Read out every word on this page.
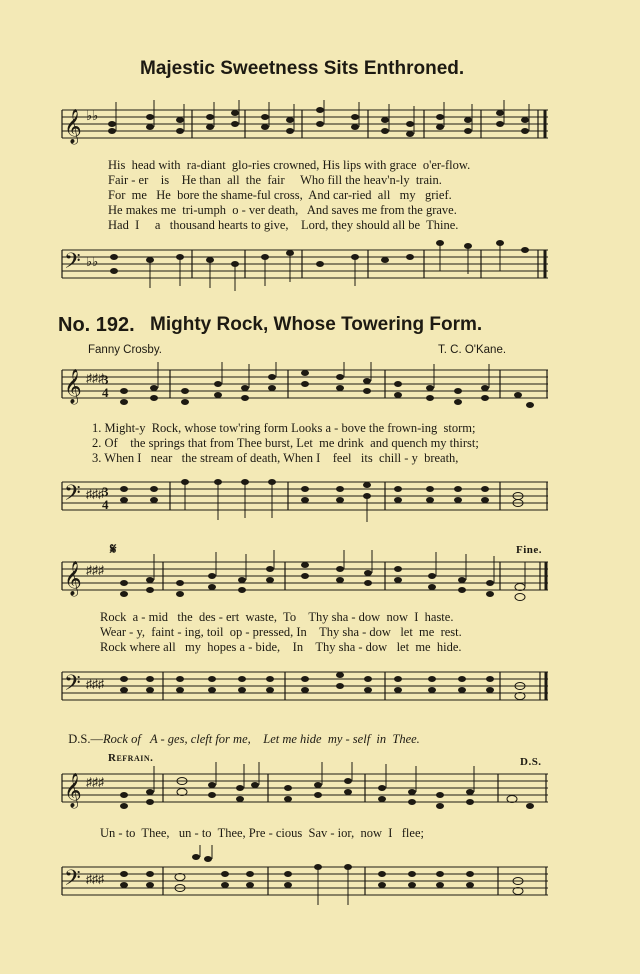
Majestic Sweetness Sits Enthroned.
𝄞 ♭♭
His  head with  ra-diant  glo-ries crowned, His lips with grace  o'er-flow.
Fair - er    is    He than  all  the  fair     Who fill the heav'n-ly  train.
For  me   He  bore the shame-ful cross,  And car-ried  all   my   grief.
He makes me  tri-umph  o - ver death,   And saves me from the grave.
Had  I     a   thousand hearts to give,    Lord, they should all be  Thine.
𝄢 ♭♭
No. 192. Mighty Rock, Whose Towering Form.
Fanny Crosby.	T. C. O'Kane.
𝄞 ♯♯♯
3
4
1. Might-y  Rock, whose tow'ring form Looks a - bove the frown-ing  storm;
2. Of    the springs that from Thee burst, Let  me drink  and quench my thirst;
3. When I   near   the stream of death, When I    feel   its  chill - y  breath,
𝄢 ♯♯♯
3
4
𝄞 ♯♯♯
𝄋	Fine.
Rock  a - mid   the  des - ert  waste,  To    Thy sha - dow  now  I  haste.
Wear - y,  faint - ing, toil  op - pressed, In    Thy sha - dow   let  me  rest.
Rock where all   my  hopes a - bide,    In    Thy sha - dow   let  me  hide.
𝄢 ♯♯♯

D.S.—Rock of   A - ges, cleft for me,    Let me hide  my - self  in  Thee.

Refrain.	D.S.
𝄞 ♯♯♯
Un - to  Thee,   un - to  Thee, Pre - cious  Sav - ior,  now  I   flee;
𝄢 ♯♯♯
